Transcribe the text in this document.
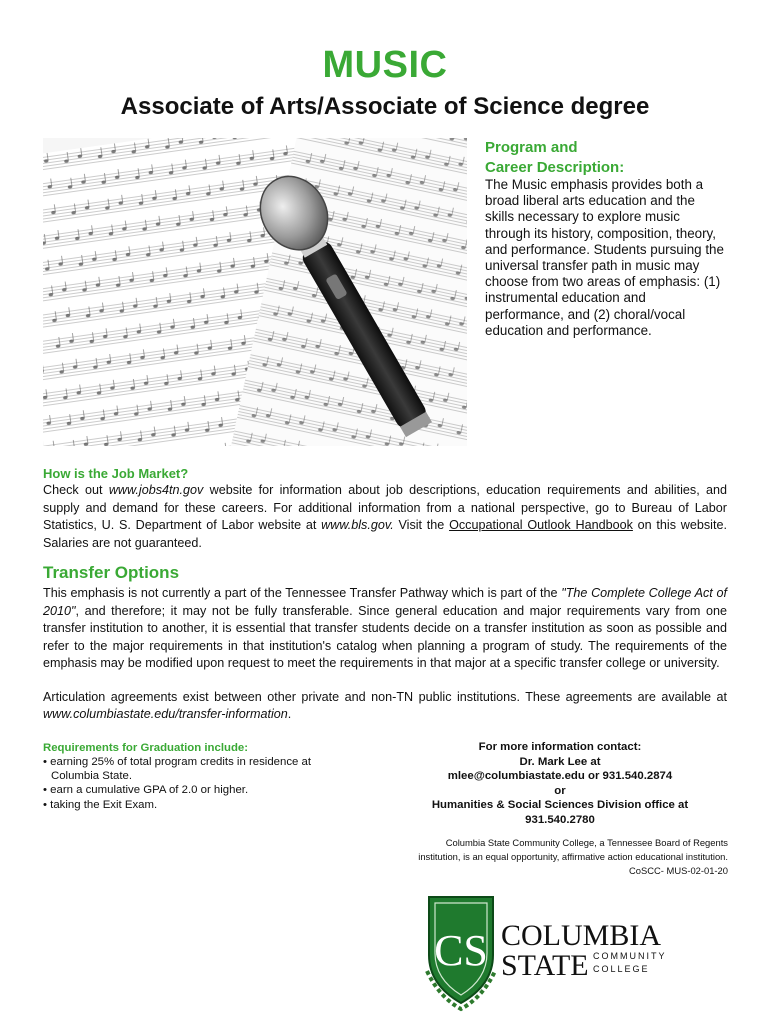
MUSIC
Associate of Arts/Associate of Science degree
Program and
Career Description:
The Music emphasis provides both a broad liberal arts education and the skills necessary to explore music through its history, composition, theory, and performance. Students pursuing the universal transfer path in music may choose from two areas of emphasis: (1) instrumental education and performance, and (2) choral/vocal education and performance.
How is the Job Market?
Check out www.jobs4tn.gov website for information about job descriptions, education requirements and abilities, and supply and demand for these careers. For additional information from a national perspective, go to Bureau of Labor Statistics, U. S. Department of Labor website at www.bls.gov. Visit the Occupational Outlook Handbook on this website. Salaries are not guaranteed.
Transfer Options
This emphasis is not currently a part of the Tennessee Transfer Pathway which is part of the "The Complete College Act of 2010", and therefore; it may not be fully transferable. Since general education and major requirements vary from one transfer institution to another, it is essential that transfer students decide on a transfer institution as soon as possible and refer to the major requirements in that institution's catalog when planning a program of study. The requirements of the emphasis may be modified upon request to meet the requirements in that major at a specific transfer college or university.
Articulation agreements exist between other private and non-TN public institutions. These agreements are available at www.columbiastate.edu/transfer-information.
Requirements for Graduation include:
• earning 25% of total program credits in residence at Columbia State.
• earn a cumulative GPA of 2.0 or higher.
• taking the Exit Exam.
For more information contact:
Dr. Mark Lee at
mlee@columbiastate.edu or 931.540.2874
or
Humanities & Social Sciences Division office at
931.540.2780
Columbia State Community College, a Tennessee Board of Regents
institution, is an equal opportunity, affirmative action educational institution.
CoSCC- MUS-02-01-20
CS COLUMBIA
STATE COMMUNITY
COLLEGE
